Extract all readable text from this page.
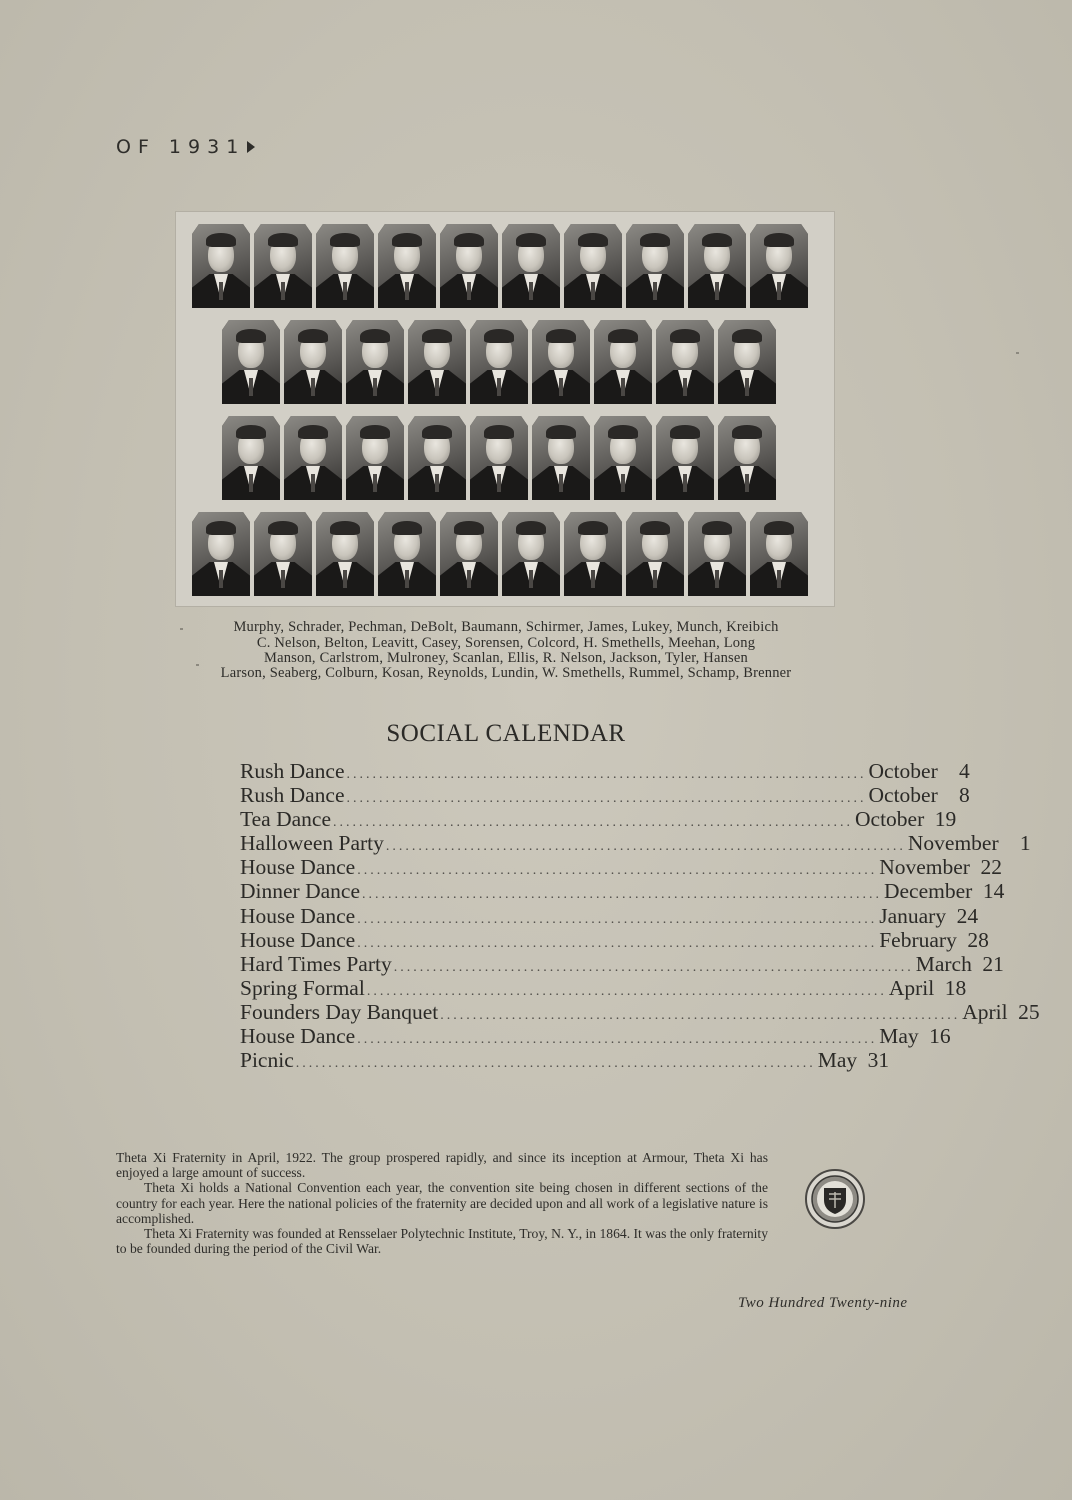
OF 1931
Murphy, Schrader, Pechman, DeBolt, Baumann, Schirmer, James, Lukey, Munch, Kreibich
C. Nelson, Belton, Leavitt, Casey, Sorensen, Colcord, H. Smethells, Meehan, Long
Manson, Carlstrom, Mulroney, Scanlan, Ellis, R. Nelson, Jackson, Tyler, Hansen
Larson, Seaberg, Colburn, Kosan, Reynolds, Lundin, W. Smethells, Rummel, Schamp, Brenner
SOCIAL CALENDAR
Rush Dance ................................................................................ October 4
Rush Dance ................................................................................ October 8
Tea Dance ................................................................................ October 19
Halloween Party ................................................................................ November 1
House Dance ................................................................................ November 22
Dinner Dance ................................................................................ December 14
House Dance ................................................................................ January 24
House Dance ................................................................................ February 28
Hard Times Party ................................................................................ March 21
Spring Formal ................................................................................ April 18
Founders Day Banquet ................................................................................ April 25
House Dance ................................................................................ May 16
Picnic ................................................................................ May 31

Theta Xi Fraternity in April, 1922. The group prospered rapidly, and since its inception at Armour, Theta Xi has enjoyed a large amount of success.

Theta Xi holds a National Convention each year, the convention site being chosen in different sections of the country for each year. Here the national policies of the fraternity are decided upon and all work of a legislative nature is accomplished.

Theta Xi Fraternity was founded at Rensselaer Polytechnic Institute, Troy, N. Y., in 1864. It was the only fraternity to be founded during the period of the Civil War.

Two Hundred Twenty-nine
